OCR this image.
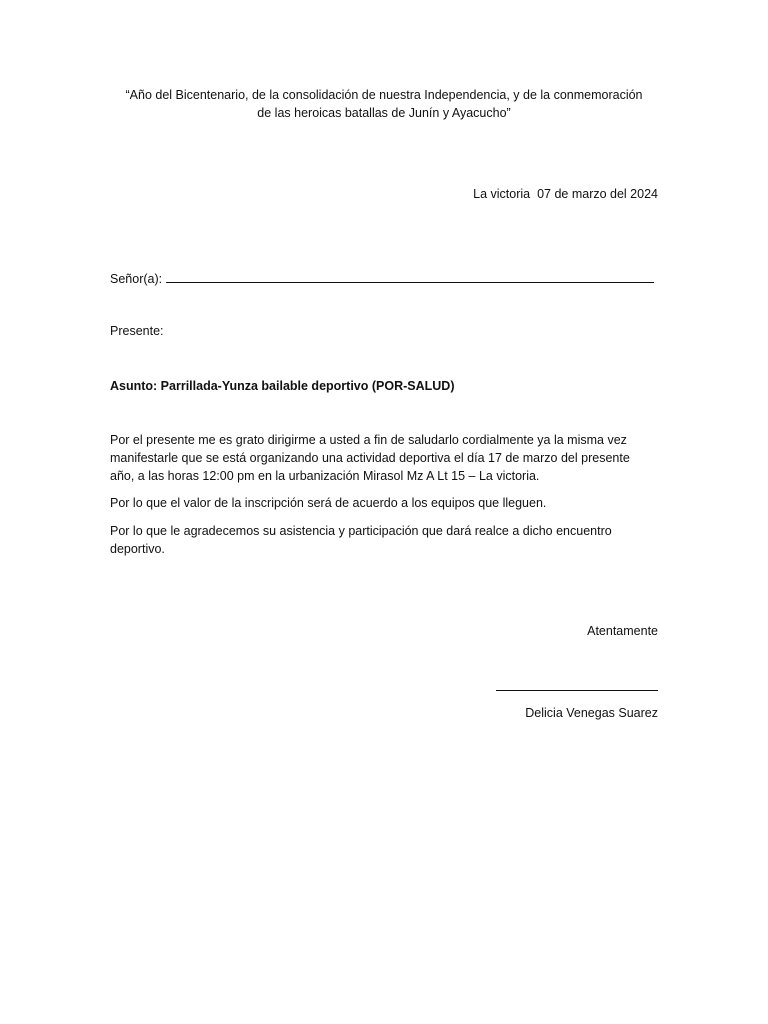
“Año del Bicentenario, de la consolidación de nuestra Independencia, y de la conmemoración
de las heroicas batallas de Junín y Ayacucho”
La victoria  07 de marzo del 2024
Señor(a):
Presente:
Asunto: Parrillada-Yunza bailable deportivo (POR-SALUD)
Por el presente me es grato dirigirme a usted a fin de saludarlo cordialmente ya la misma vez manifestarle que se está organizando una actividad deportiva el día 17 de marzo del presente año, a las horas 12:00 pm en la urbanización Mirasol Mz A Lt 15 – La victoria.
Por lo que el valor de la inscripción será de acuerdo a los equipos que lleguen.
Por lo que le agradecemos su asistencia y participación que dará realce a dicho encuentro deportivo.
Atentamente
Delicia Venegas Suarez
